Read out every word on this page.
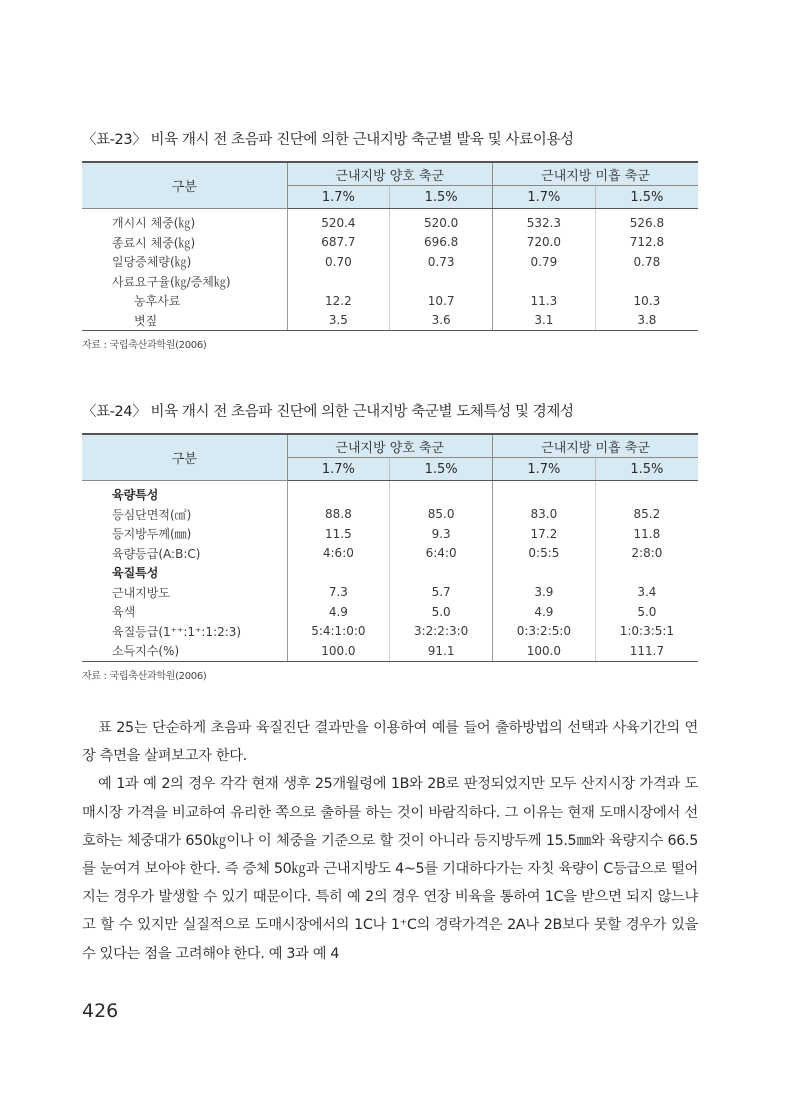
〈표-23〉 비육 개시 전 초음파 진단에 의한 근내지방 축군별 발육 및 사료이용성
구분	근내지방 양호 축군		근내지방 미흡 축군	
	1.7%	1.5%	1.7%	1.5%
개시시 체중(㎏)	520.4	520.0	532.3	526.8
종료시 체중(㎏)	687.7	696.8	720.0	712.8
일당증체량(㎏)	0.70	0.73	0.79	0.78
사료요구율(㎏/증체㎏)				
농후사료	12.2	10.7	11.3	10.3
볏짚	3.5	3.6	3.1	3.8
자료 : 국립축산과학원(2006)
〈표-24〉 비육 개시 전 초음파 진단에 의한 근내지방 축군별 도체특성 및 경제성
구분	근내지방 양호 축군		근내지방 미흡 축군	
	1.7%	1.5%	1.7%	1.5%
육량특성				
등심단면적(㎠)	88.8	85.0	83.0	85.2
등지방두께(㎜)	11.5	9.3	17.2	11.8
육량등급(A:B:C)	4:6:0	6:4:0	0:5:5	2:8:0
육질특성				
근내지방도	7.3	5.7	3.9	3.4
육색	4.9	5.0	4.9	5.0
육질등급(1⁺⁺:1⁺:1:2:3)	5:4:1:0:0	3:2:2:3:0	0:3:2:5:0	1:0:3:5:1
소득지수(%)	100.0	91.1	100.0	111.7
자료 : 국립축산과학원(2006)

표 25는 단순하게 초음파 육질진단 결과만을 이용하여 예를 들어 출하방법의 선택과 사육기간의 연장 측면을 살펴보고자 한다.

예 1과 예 2의 경우 각각 현재 생후 25개월령에 1B와 2B로 판정되었지만 모두 산지시장 가격과 도매시장 가격을 비교하여 유리한 쪽으로 출하를 하는 것이 바람직하다. 그 이유는 현재 도매시장에서 선호하는 체중대가 650㎏이나 이 체중을 기준으로 할 것이 아니라 등지방두께 15.5㎜와 육량지수 66.5를 눈여겨 보아야 한다. 즉 증체 50㎏과 근내지방도 4~5를 기대하다가는 자칫 육량이 C등급으로 떨어지는 경우가 발생할 수 있기 때문이다. 특히 예 2의 경우 연장 비육을 통하여 1C을 받으면 되지 않느냐고 할 수 있지만 실질적으로 도매시장에서의 1C나 1⁺C의 경락가격은 2A나 2B보다 못할 경우가 있을 수 있다는 점을 고려해야 한다. 예 3과 예 4

426
